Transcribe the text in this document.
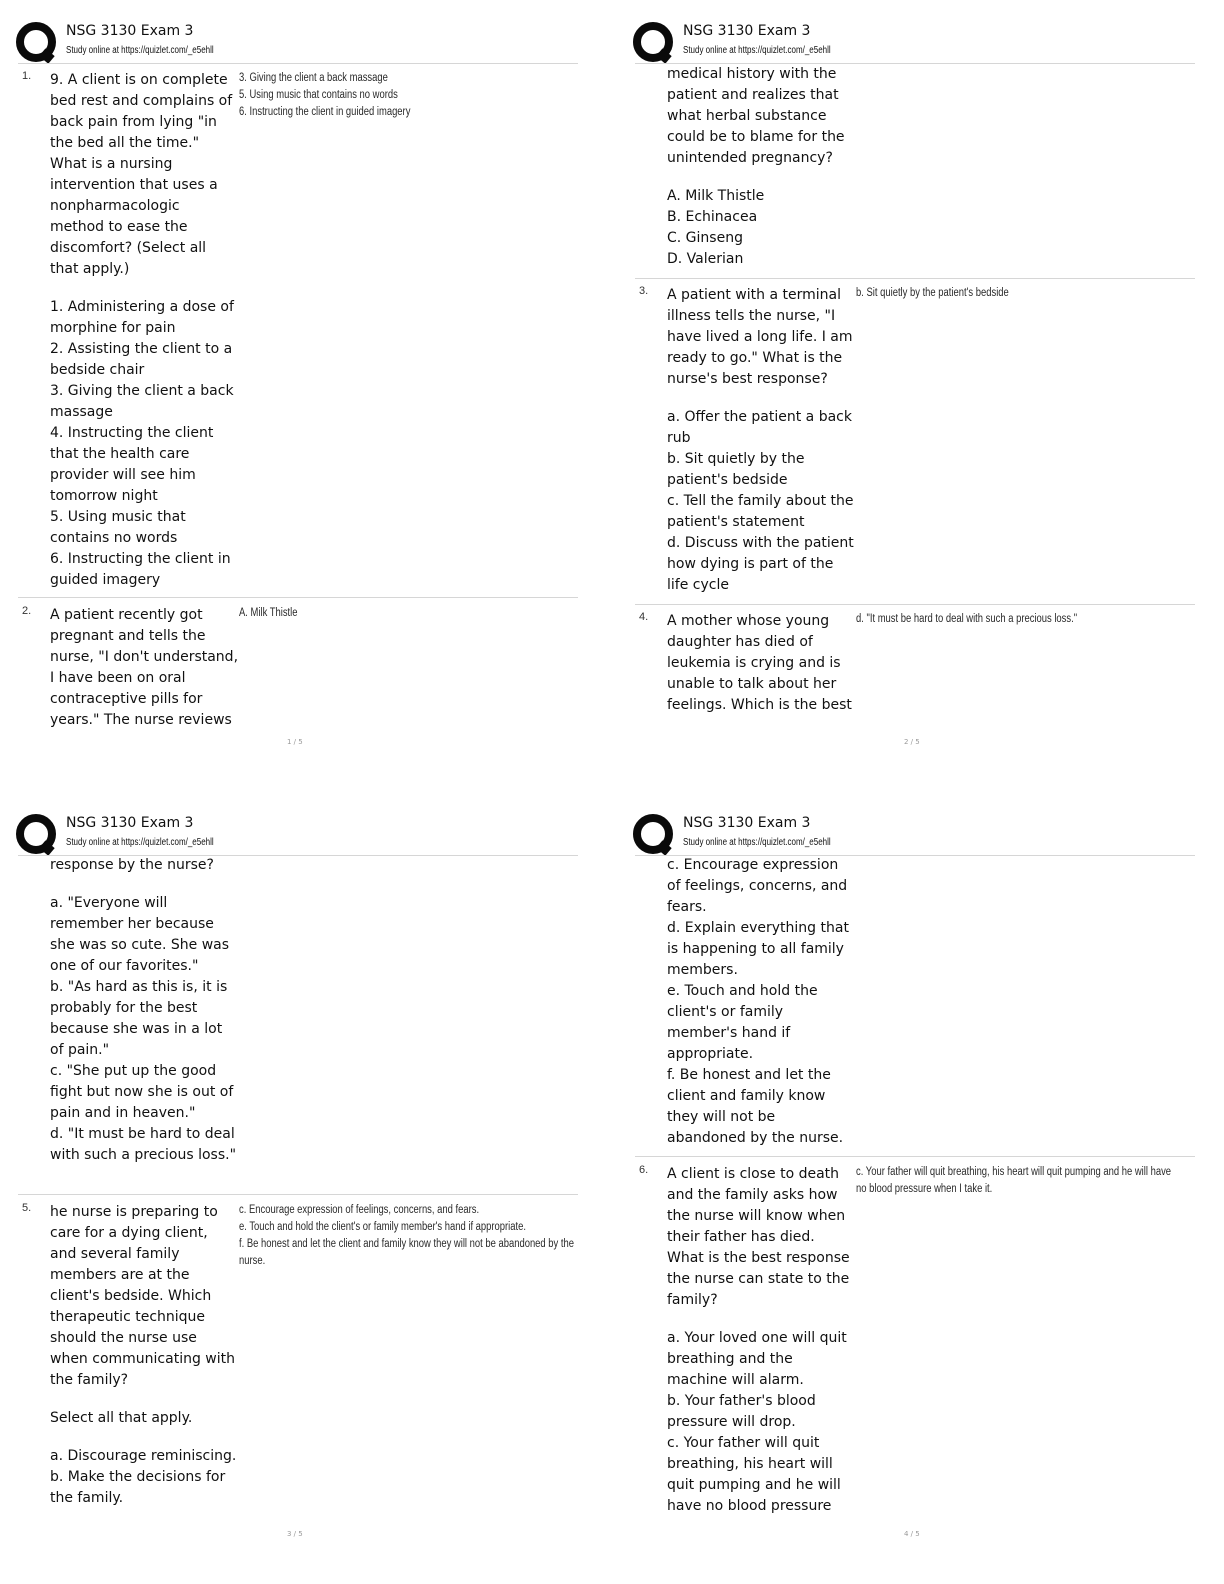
NSG 3130 Exam 3
Study online at https://quizlet.com/_e5ehll
1. 9. A client is on complete bed rest and complains of back pain from lying "in the bed all the time." What is a nursing intervention that uses a nonpharmacologic method to ease the discomfort? (Select all that apply.)

1. Administering a dose of morphine for pain
2. Assisting the client to a bedside chair
3. Giving the client a back massage
4. Instructing the client that the health care provider will see him tomorrow night
5. Using music that contains no words
6. Instructing the client in guided imagery

3. Giving the client a back massage
5. Using music that contains no words
6. Instructing the client in guided imagery
2. A patient recently got pregnant and tells the nurse, "I don't understand, I have been on oral contraceptive pills for years." The nurse reviews

A. Milk Thistle
1 / 5
NSG 3130 Exam 3
Study online at https://quizlet.com/_e5ehll

medical history with the patient and realizes that what herbal substance could be to blame for the unintended pregnancy?

A. Milk Thistle
B. Echinacea
C. Ginseng
D. Valerian

3. A patient with a terminal illness tells the nurse, "I have lived a long life. I am ready to go." What is the nurse's best response?

a. Offer the patient a back rub
b. Sit quietly by the patient's bedside
c. Tell the family about the patient's statement
d. Discuss with the patient how dying is part of the life cycle

b. Sit quietly by the patient's bedside
4. A mother whose young daughter has died of leukemia is crying and is unable to talk about her feelings. Which is the best

d. "It must be hard to deal with such a precious loss."
2 / 5
NSG 3130 Exam 3
Study online at https://quizlet.com/_e5ehll

response by the nurse?

a. "Everyone will remember her because she was so cute. She was one of our favorites."
b. "As hard as this is, it is probably for the best because she was in a lot of pain."
c. "She put up the good fight but now she is out of pain and in heaven."
d. "It must be hard to deal with such a precious loss."

5. he nurse is preparing to care for a dying client, and several family members are at the client's bedside. Which therapeutic technique should the nurse use when communicating with the family?

Select all that apply.

a. Discourage reminiscing.
b. Make the decisions for the family.

c. Encourage expression of feelings, concerns, and fears.
e. Touch and hold the client's or family member's hand if appropriate.
f. Be honest and let the client and family know they will not be abandoned by the nurse.
3 / 5
NSG 3130 Exam 3
Study online at https://quizlet.com/_e5ehll

c. Encourage expression of feelings, concerns, and fears.
d. Explain everything that is happening to all family members.
e. Touch and hold the client's or family member's hand if appropriate.
f. Be honest and let the client and family know they will not be abandoned by the nurse.

6. A client is close to death and the family asks how the nurse will know when their father has died. What is the best response the nurse can state to the family?

a. Your loved one will quit breathing and the machine will alarm.
b. Your father's blood pressure will drop.
c. Your father will quit breathing, his heart will quit pumping and he will have no blood pressure

c. Your father will quit breathing, his heart will quit pumping and he will have no blood pressure when I take it.
4 / 5
